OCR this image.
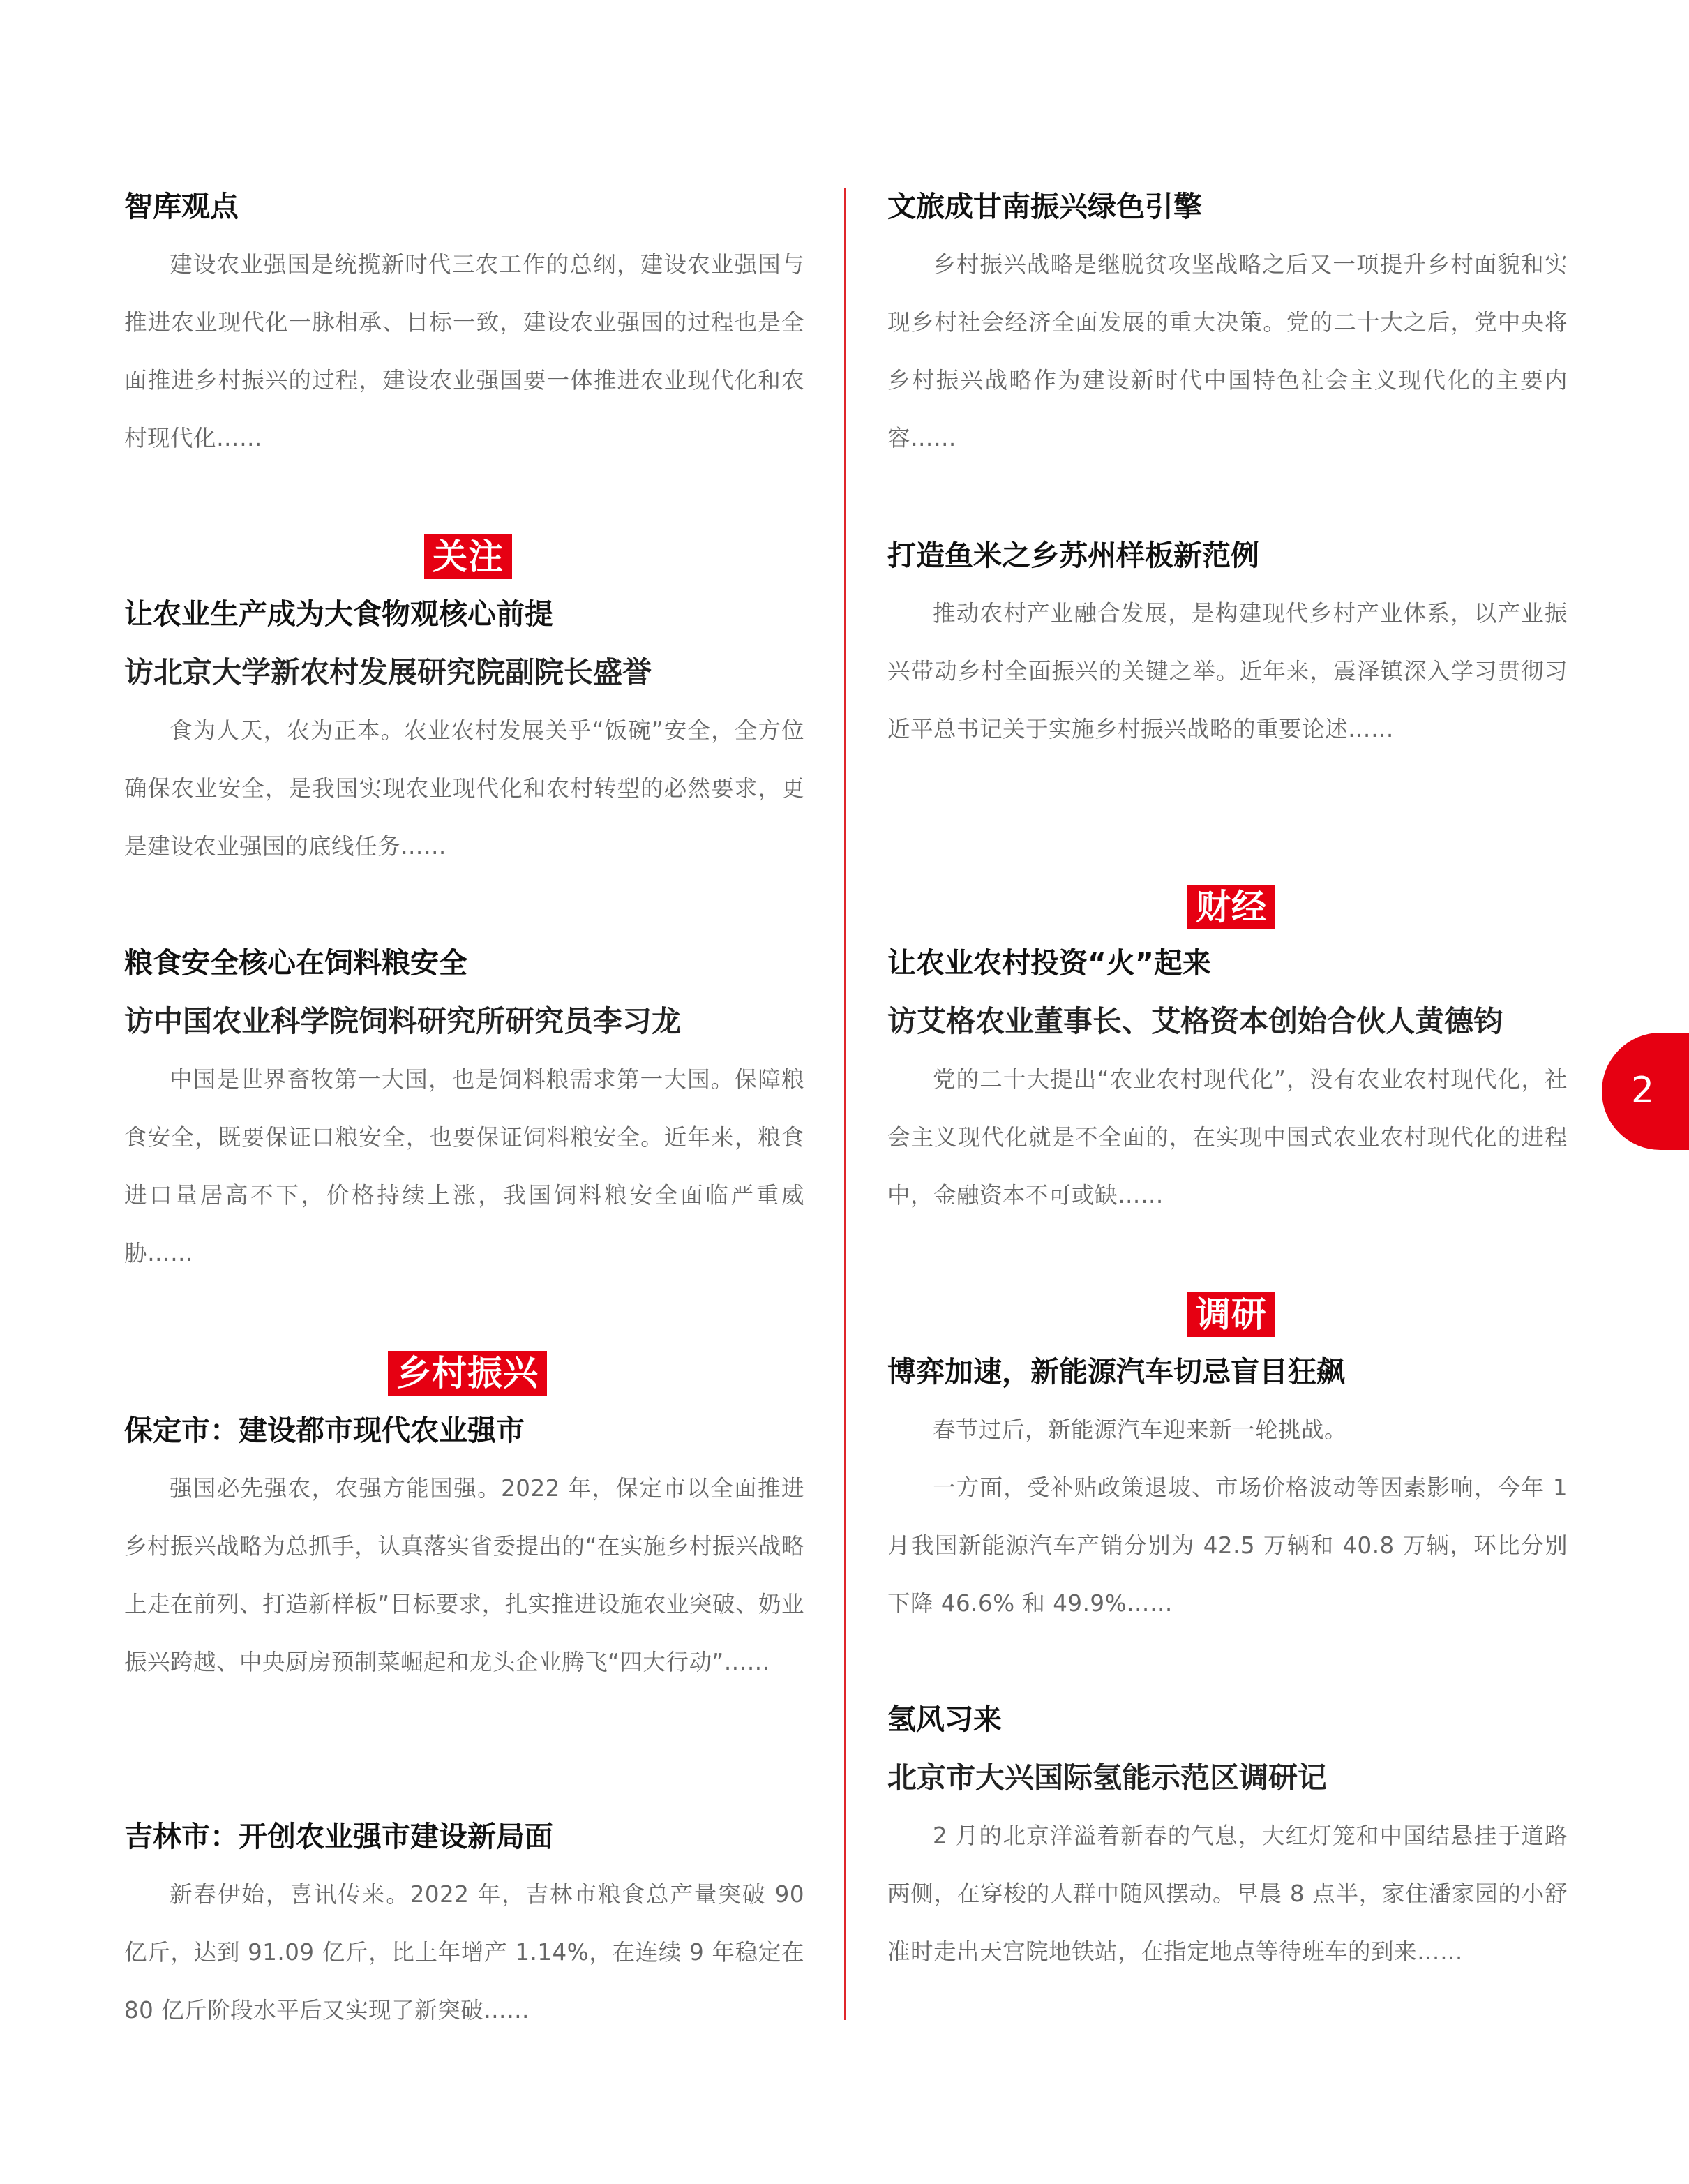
智库观点

建设农业强国是统揽新时代三农工作的总纲，建设农业强国与推进农业现代化一脉相承、目标一致，建设农业强国的过程也是全面推进乡村振兴的过程，建设农业强国要一体推进农业现代化和农村现代化……

关注
让农业生产成为大食物观核心前提
访北京大学新农村发展研究院副院长盛誉

食为人天，农为正本。农业农村发展关乎“饭碗”安全，全方位确保农业安全，是我国实现农业现代化和农村转型的必然要求，更是建设农业强国的底线任务……

粮食安全核心在饲料粮安全
访中国农业科学院饲料研究所研究员李习龙

中国是世界畜牧第一大国，也是饲料粮需求第一大国。保障粮食安全，既要保证口粮安全，也要保证饲料粮安全。近年来，粮食进口量居高不下，价格持续上涨，我国饲料粮安全面临严重威胁……

乡村振兴
保定市：建设都市现代农业强市

强国必先强农，农强方能国强。2022 年，保定市以全面推进乡村振兴战略为总抓手，认真落实省委提出的“在实施乡村振兴战略上走在前列、打造新样板”目标要求，扎实推进设施农业突破、奶业振兴跨越、中央厨房预制菜崛起和龙头企业腾飞“四大行动”……

吉林市：开创农业强市建设新局面

新春伊始，喜讯传来。2022 年，吉林市粮食总产量突破 90 亿斤，达到 91.09 亿斤，比上年增产 1.14%，在连续 9 年稳定在 80 亿斤阶段水平后又实现了新突破……

文旅成甘南振兴绿色引擎

乡村振兴战略是继脱贫攻坚战略之后又一项提升乡村面貌和实现乡村社会经济全面发展的重大决策。党的二十大之后，党中央将乡村振兴战略作为建设新时代中国特色社会主义现代化的主要内容……

打造鱼米之乡苏州样板新范例

推动农村产业融合发展，是构建现代乡村产业体系，以产业振兴带动乡村全面振兴的关键之举。近年来，震泽镇深入学习贯彻习近平总书记关于实施乡村振兴战略的重要论述……

财经
让农业农村投资“火”起来
访艾格农业董事长、艾格资本创始合伙人黄德钧

党的二十大提出“农业农村现代化”，没有农业农村现代化，社会主义现代化就是不全面的，在实现中国式农业农村现代化的进程中，金融资本不可或缺……

调研
博弈加速，新能源汽车切忌盲目狂飙

春节过后，新能源汽车迎来新一轮挑战。

一方面，受补贴政策退坡、市场价格波动等因素影响，今年 1 月我国新能源汽车产销分别为 42.5 万辆和 40.8 万辆，环比分别下降 46.6% 和 49.9%……

氢风习来
北京市大兴国际氢能示范区调研记

2 月的北京洋溢着新春的气息，大红灯笼和中国结悬挂于道路两侧，在穿梭的人群中随风摆动。早晨 8 点半，家住潘家园的小舒准时走出天宫院地铁站，在指定地点等待班车的到来……

2
